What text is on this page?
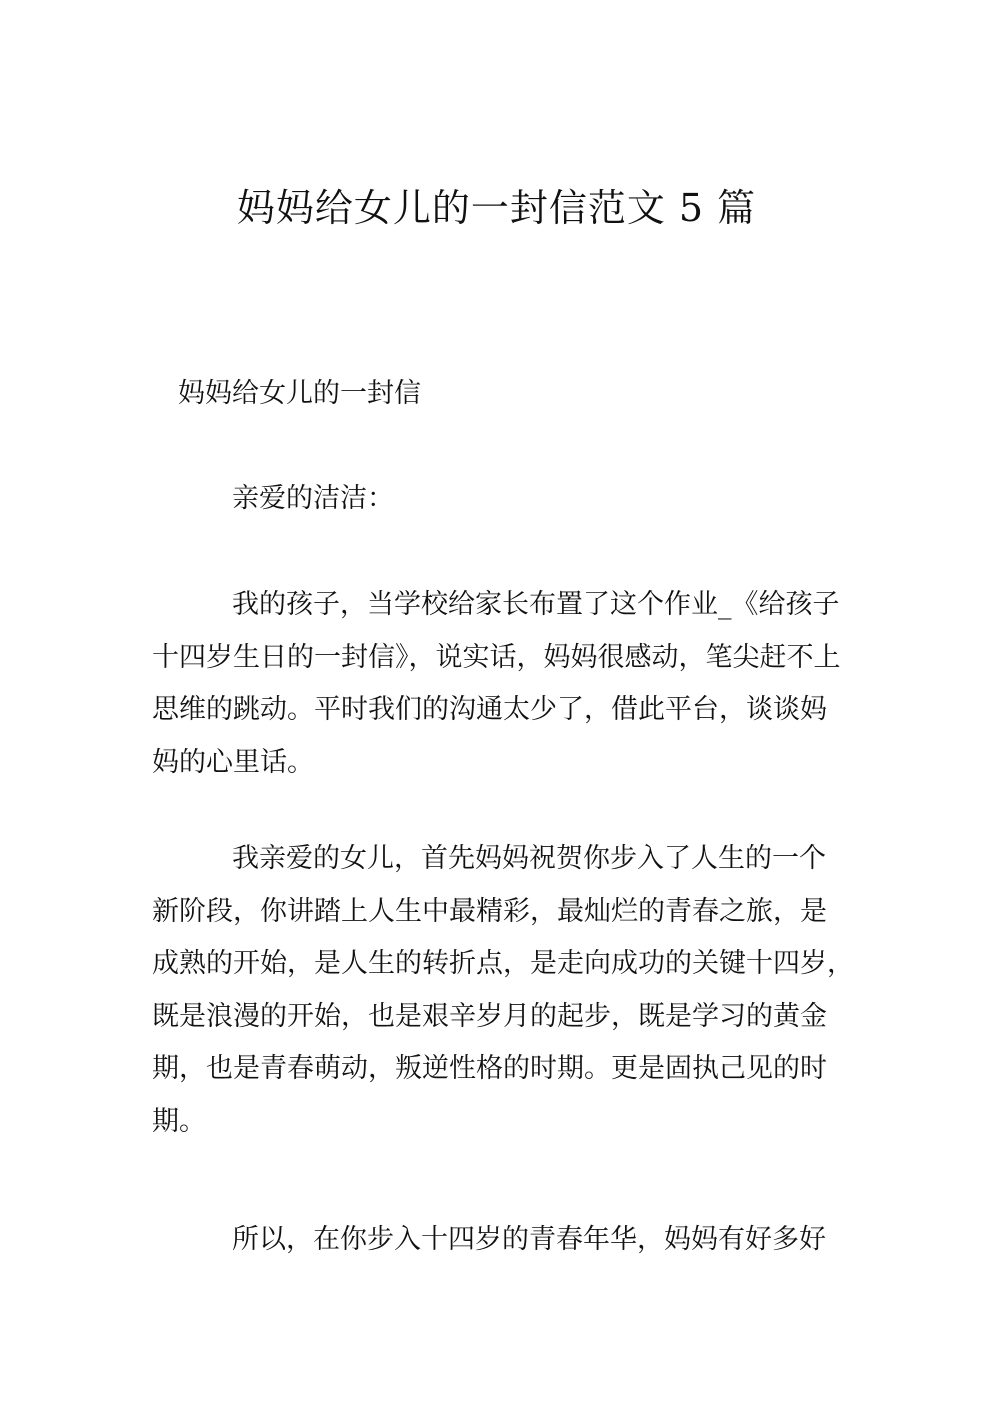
妈妈给女儿的一封信范文 5 篇

妈妈给女儿的一封信

亲爱的洁洁：

我的孩子，当学校给家长布置了这个作业_《给孩子
十四岁生日的一封信》，说实话，妈妈很感动，笔尖赶不上
思维的跳动。平时我们的沟通太少了，借此平台，谈谈妈
妈的心里话。
我亲爱的女儿，首先妈妈祝贺你步入了人生的一个
新阶段，你讲踏上人生中最精彩，最灿烂的青春之旅，是
成熟的开始，是人生的转折点，是走向成功的关键十四岁，
既是浪漫的开始，也是艰辛岁月的起步，既是学习的黄金
期，也是青春萌动，叛逆性格的时期。更是固执己见的时
期。
所以，在你步入十四岁的青春年华，妈妈有好多好
